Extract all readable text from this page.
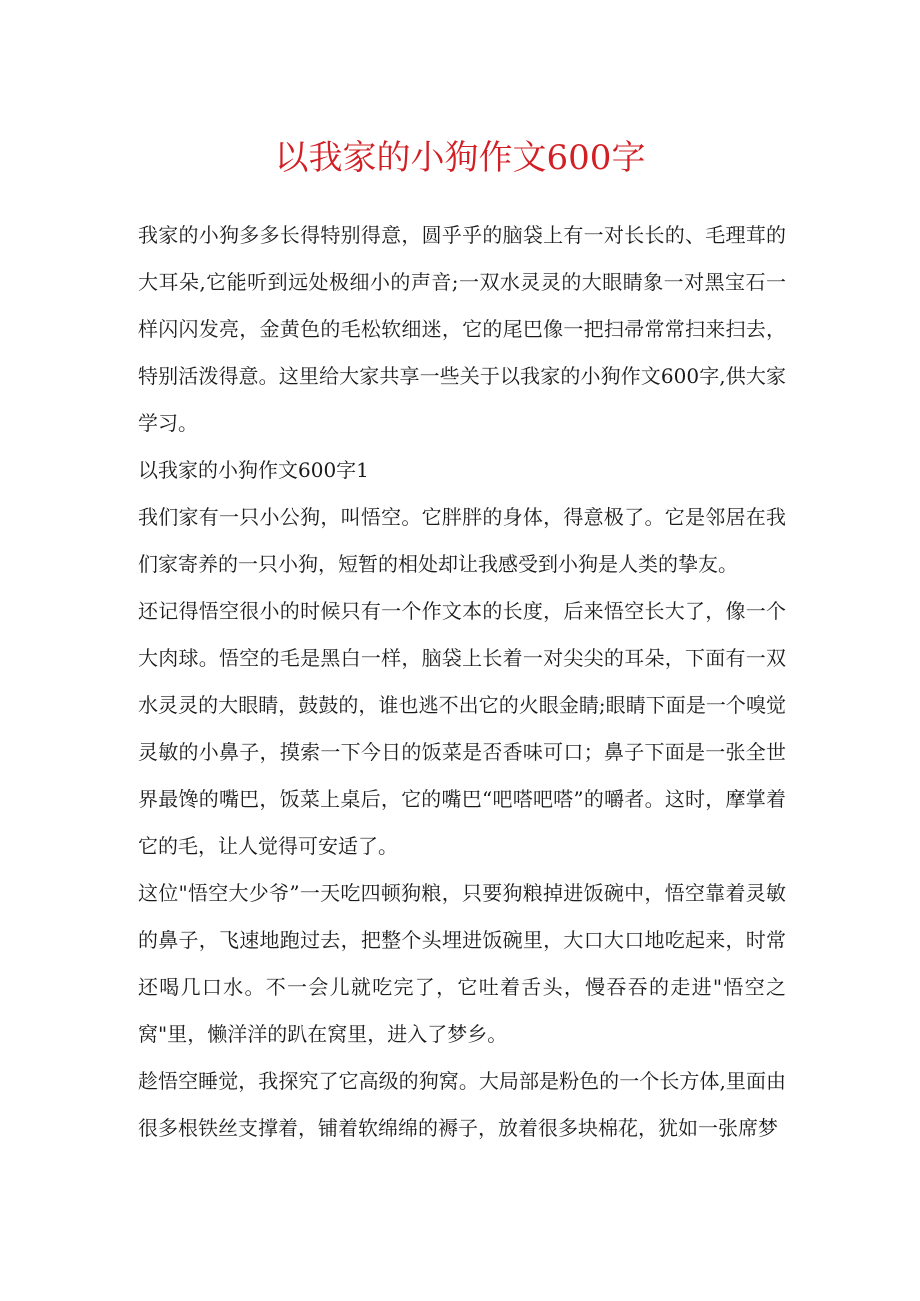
以我家的小狗作文600字

我家的小狗多多长得特别得意，圆乎乎的脑袋上有一对长长的、毛理茸的大耳朵,它能听到远处极细小的声音;一双水灵灵的大眼睛象一对黑宝石一样闪闪发亮，金黄色的毛松软细迷，它的尾巴像一把扫帚常常扫来扫去，特别活泼得意。这里给大家共享一些关于以我家的小狗作文600字,供大家学习。

以我家的小狗作文600字1

我们家有一只小公狗，叫悟空。它胖胖的身体，得意极了。它是邻居在我们家寄养的一只小狗，短暂的相处却让我感受到小狗是人类的挚友。

还记得悟空很小的时候只有一个作文本的长度，后来悟空长大了，像一个大肉球。悟空的毛是黑白一样，脑袋上长着一对尖尖的耳朵，下面有一双水灵灵的大眼睛，鼓鼓的，谁也逃不出它的火眼金睛;眼睛下面是一个嗅觉灵敏的小鼻子，摸索一下今日的饭菜是否香味可口；鼻子下面是一张全世界最馋的嘴巴，饭菜上桌后，它的嘴巴“吧嗒吧嗒”的嚼者。这时，摩掌着它的毛，让人觉得可安适了。

这位"悟空大少爷”一天吃四顿狗粮，只要狗粮掉进饭碗中，悟空靠着灵敏的鼻子，飞速地跑过去，把整个头埋进饭碗里，大口大口地吃起来，时常还喝几口水。不一会儿就吃完了，它吐着舌头，慢吞吞的走进"悟空之窝"里，懒洋洋的趴在窝里，进入了梦乡。

趁悟空睡觉，我探究了它高级的狗窝。大局部是粉色的一个长方体,里面由很多根铁丝支撑着，铺着软绵绵的褥子，放着很多块棉花，犹如一张席梦
